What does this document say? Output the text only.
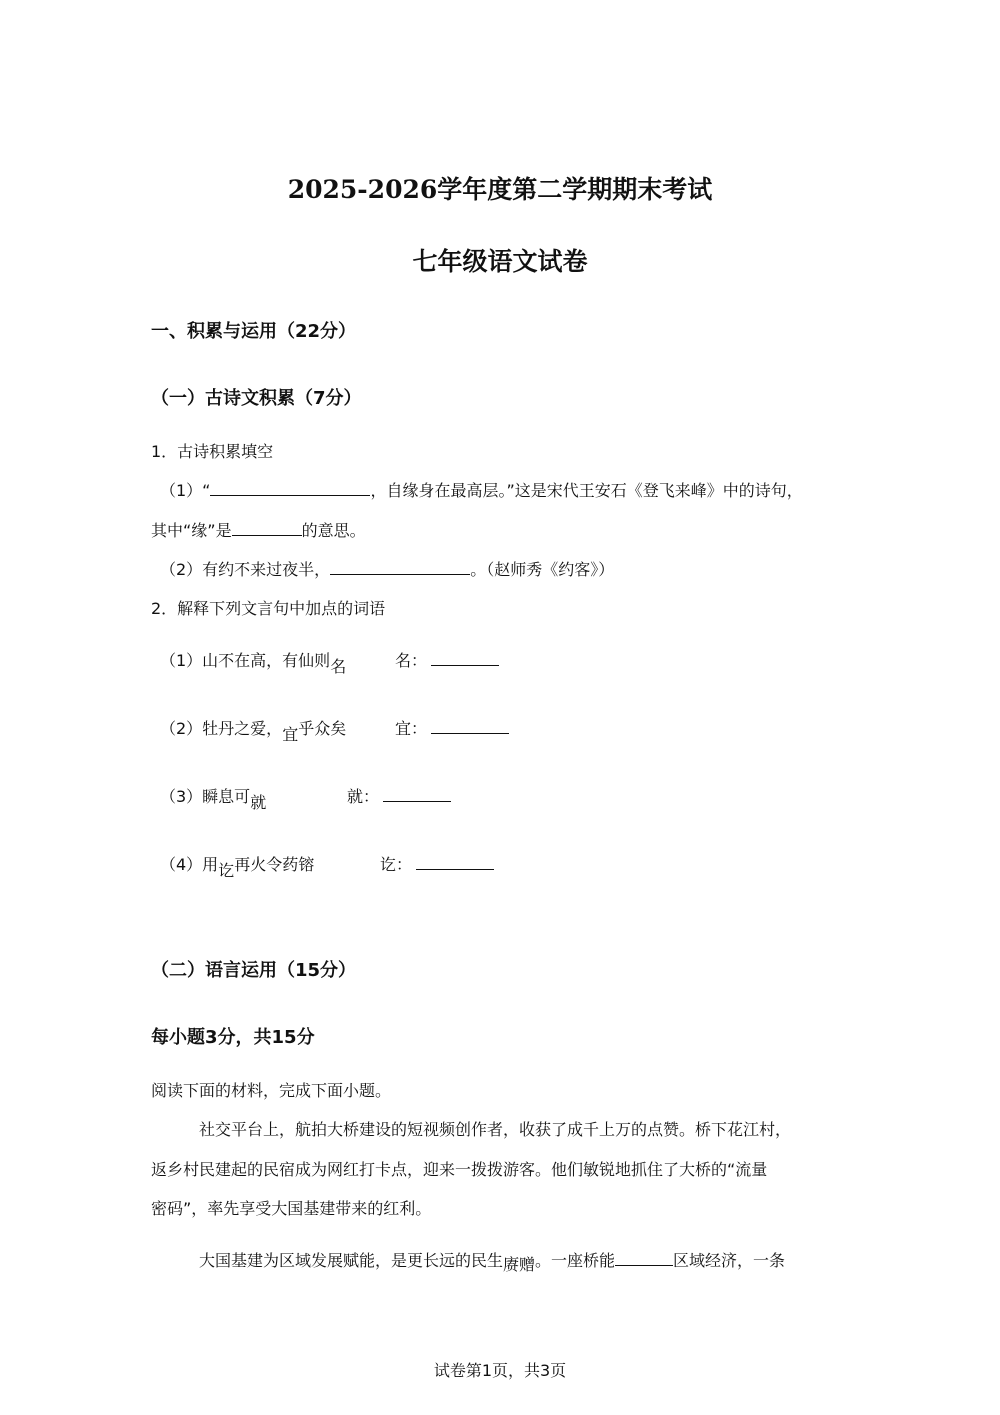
2025-2026学年度第二学期期末考试
七年级语文试卷
一、积累与运用（22分）
（一）古诗文积累（7分）
1．古诗积累填空
（1）“	，自缘身在最高层。”这是宋代王安石《登飞来峰》中的诗句，
其中“缘”是	的意思。
（2）有约不来过夜半，	。（赵师秀《约客》）
2．解释下列文言句中加点的词语
（1）山不在高，有仙则名	名：
（2）牡丹之爱，宜乎众矣	宜：
（3）瞬息可就	就：
（4）用讫再火令药镕	讫：
（二）语言运用（15分）
每小题3分，共15分
阅读下面的材料，完成下面小题。
社交平台上，航拍大桥建设的短视频创作者，收获了成千上万的点赞。桥下花江村，
返乡村民建起的民宿成为网红打卡点，迎来一拨拨游客。他们敏锐地抓住了大桥的“流量
密码”，率先享受大国基建带来的红利。
大国基建为区域发展赋能，是更长远的民生赓赠。一座桥能	区域经济，一条
试卷第1页，共3页
